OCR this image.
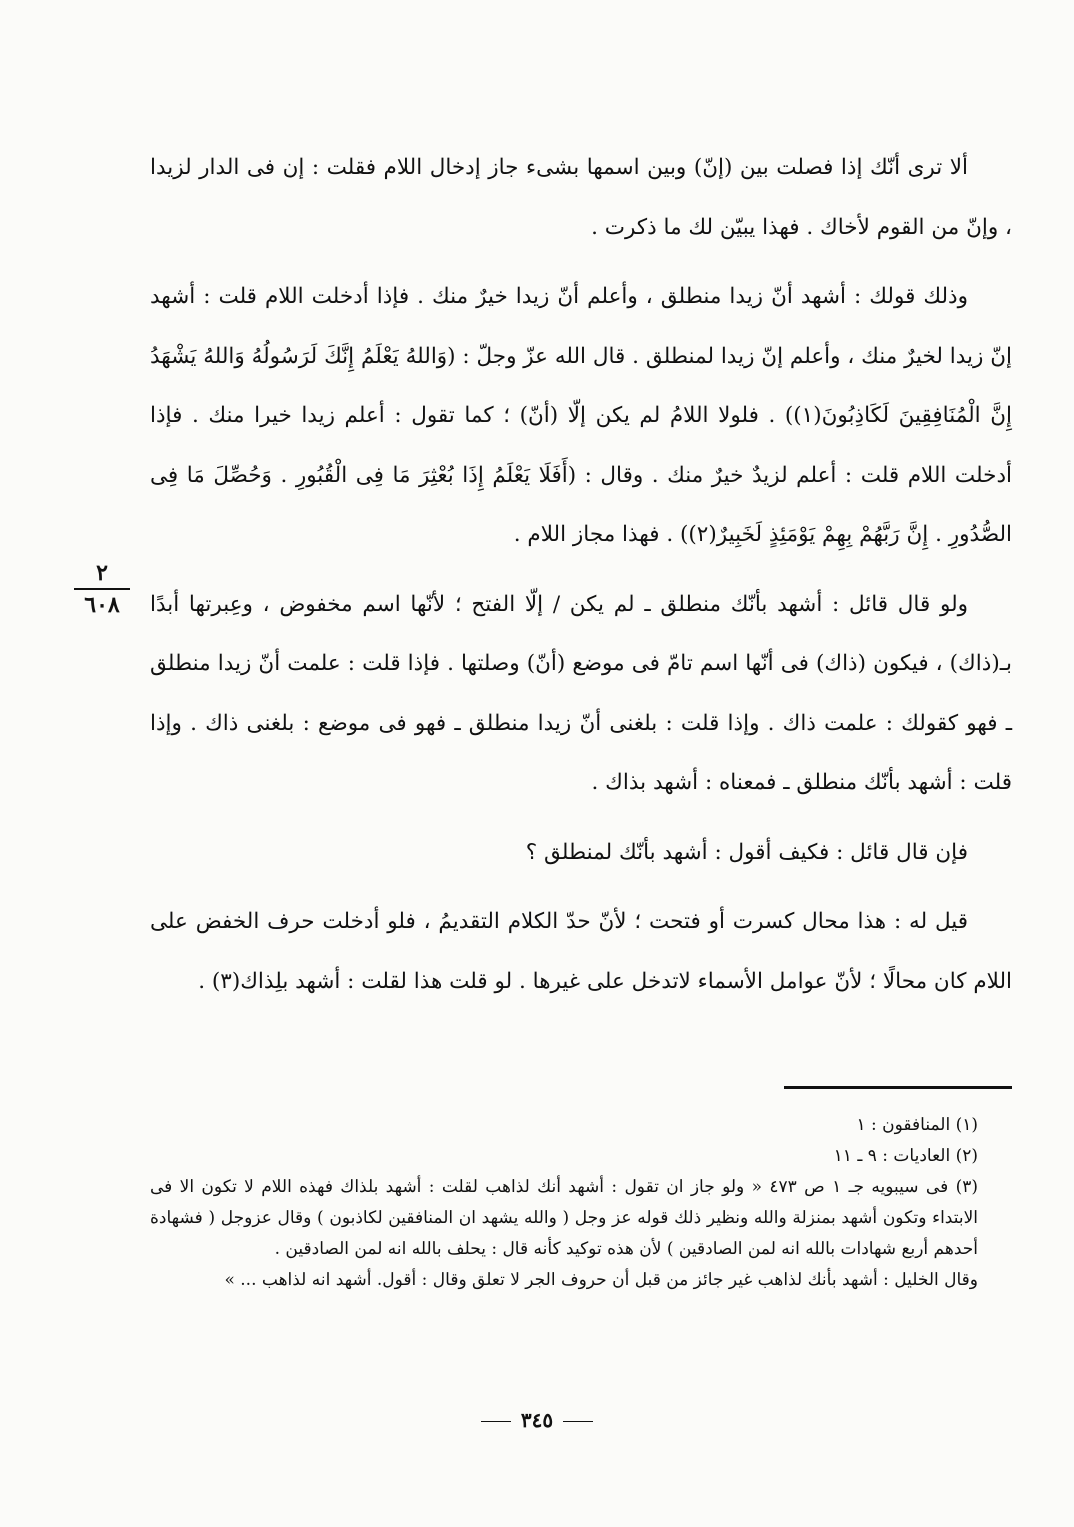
ألا ترى أنّك إذا فصلت بين (إنّ) وبين اسمها بشىء جاز إدخال اللام فقلت : إن فى الدار لزيدا ، وإنّ من القوم لأخاك . فهذا يبيّن لك ما ذكرت .

وذلك قولك : أشهد أنّ زيدا منطلق ، وأعلم أنّ زيدا خيرٌ منك . فإذا أدخلت اللام قلت : أشهد إنّ زيدا لخيرٌ منك ، وأعلم إنّ زيدا لمنطلق . قال الله عزّ وجلّ : (وَاللهُ يَعْلَمُ إِنَّكَ لَرَسُولُهُ وَاللهُ يَشْهَدُ إِنَّ الْمُنَافِقِينَ لَكَاذِبُونَ(١)) . فلولا اللامُ لم يكن إلّا (أنّ) ؛ كما تقول : أعلم زيدا خيرا منك . فإذا أدخلت اللام قلت : أعلم لزيدٌ خيرٌ منك . وقال : (أَفَلَا يَعْلَمُ إِذَا بُعْثِرَ مَا فِى الْقُبُورِ . وَحُصِّلَ مَا فِى الصُّدُورِ . إِنَّ رَبَّهُمْ بِهِمْ يَوْمَئِذٍ لَخَبِيرٌ(٢)) . فهذا مجاز اللام .

ولو قال قائل : أشهد بأنّك منطلق ـ لم يكن / إلّا الفتح ؛ لأنّها اسم مخفوض ، وعِبرتها أبدًا بـ(ذاك) ، فيكون (ذاك) فى أنّها اسم تامّ فى موضع (أنّ) وصلتها . فإذا قلت : علمت أنّ زيدا منطلق ـ فهو كقولك : علمت ذاك . وإذا قلت : بلغنى أنّ زيدا منطلق ـ فهو فى موضع : بلغنى ذاك . وإذا قلت : أشهد بأنّك منطلق ـ فمعناه : أشهد بذاك .

فإن قال قائل : فكيف أقول : أشهد بأنّك لمنطلق ؟

قيل له : هذا محال كسرت أو فتحت ؛ لأنّ حدّ الكلام التقديمُ ، فلو أدخلت حرف الخفض على اللام كان محالًا ؛ لأنّ عوامل الأسماء لاتدخل على غيرها . لو قلت هذا لقلت : أشهد بلِذاك(٣) .

٢
٦٠٨

(١) المنافقون : ١

(٢) العاديات : ٩ ـ ١١

(٣) فى سيبويه جـ ١ ص ٤٧٣ « ولو جاز ان تقول : أشهد أنك لذاهب لقلت : أشهد بلذاك فهذه اللام لا تكون الا فى الابتداء وتكون أشهد بمنزلة والله ونظير ذلك قوله عز وجل ( والله يشهد ان المنافقين لكاذبون ) وقال عزوجل ( فشهادة أحدهم أربع شهادات بالله انه لمن الصادقين ) لأن هذه توكيد كأنه قال : يحلف بالله انه لمن الصادقين .

وقال الخليل : أشهد بأنك لذاهب غير جائز من قبل أن حروف الجر لا تعلق وقال : أقول. أشهد انه لذاهب ... »

٣٤٥
